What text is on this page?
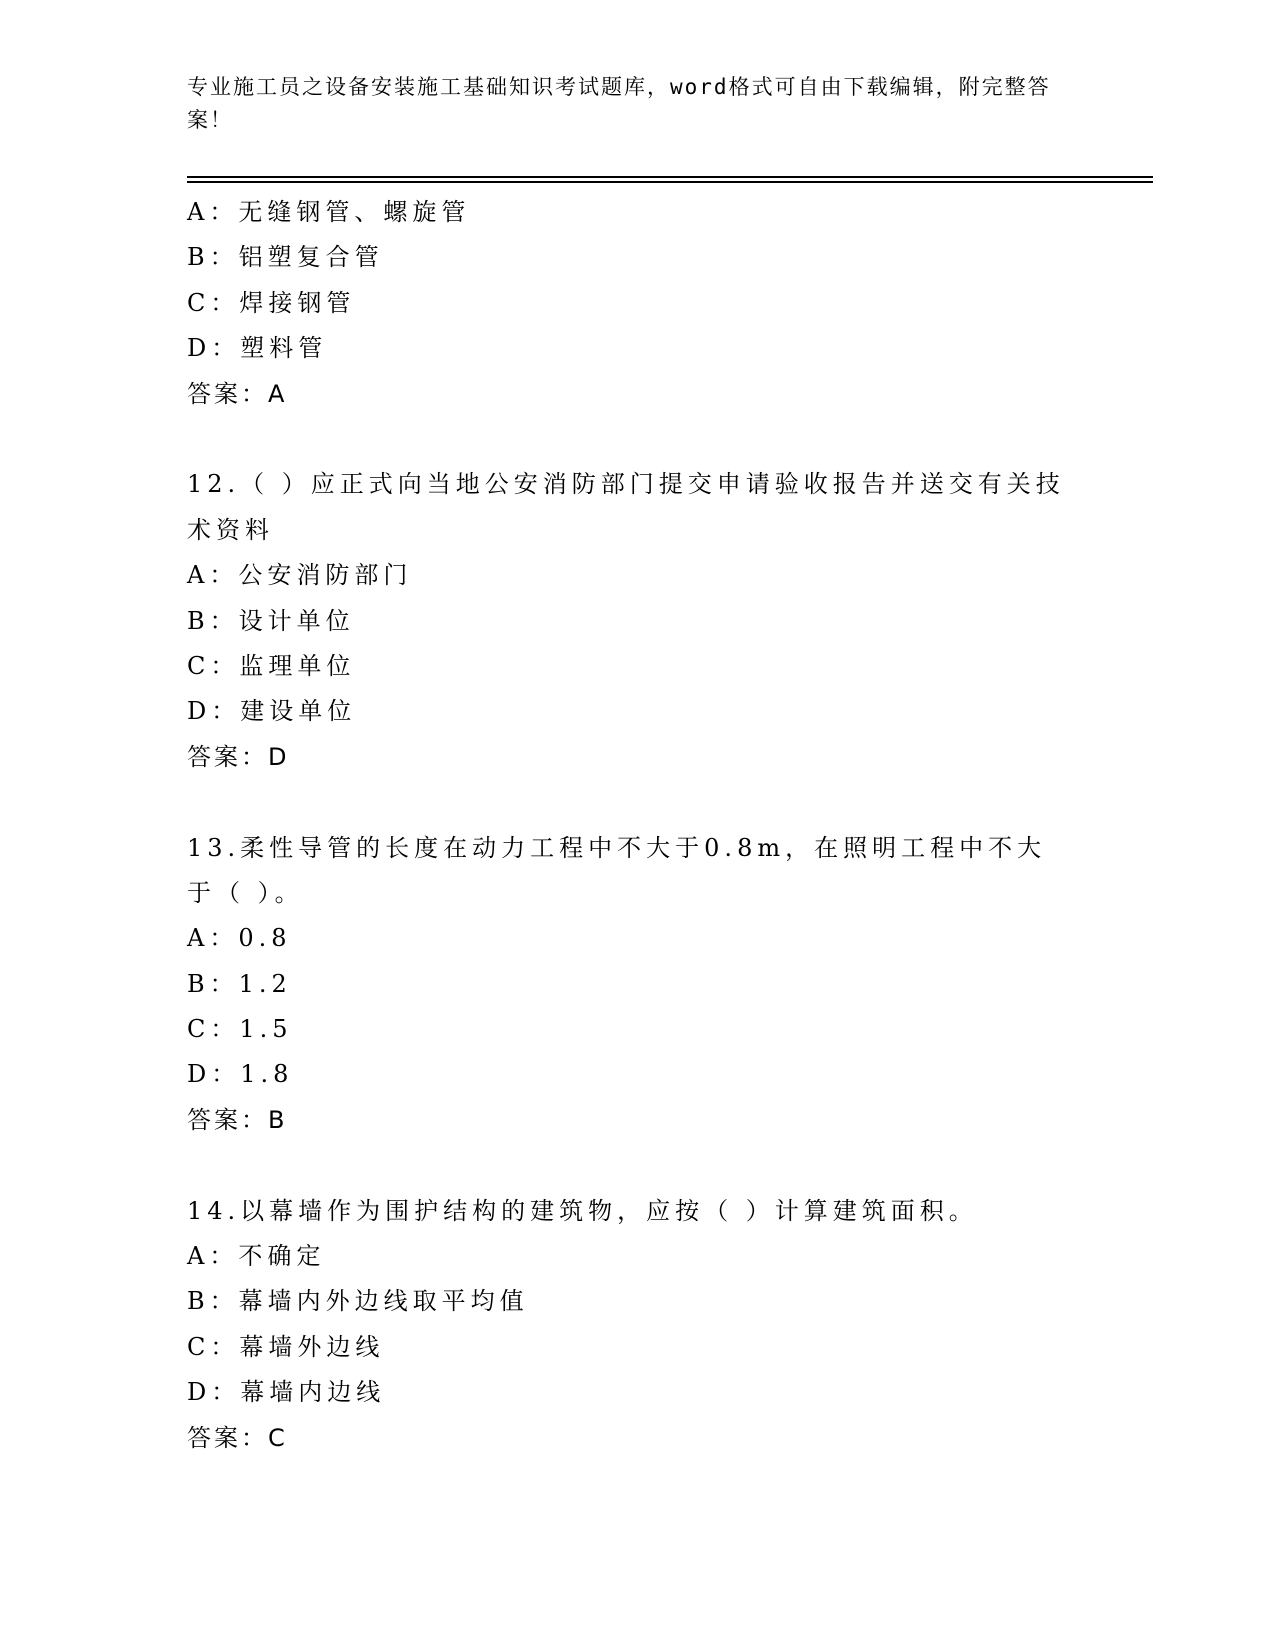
专业施工员之设备安装施工基础知识考试题库，word格式可自由下载编辑，附完整答案！
A：无缝钢管、螺旋管
B：铝塑复合管
C：焊接钢管
D：塑料管
答案：A
12.（ ）应正式向当地公安消防部门提交申请验收报告并送交有关技术资料
A：公安消防部门
B：设计单位
C：监理单位
D：建设单位
答案：D
13.柔性导管的长度在动力工程中不大于0.8m，在照明工程中不大于（ ）。
A：0.8
B：1.2
C：1.5
D：1.8
答案：B
14.以幕墙作为围护结构的建筑物，应按（ ）计算建筑面积。
A：不确定
B：幕墙内外边线取平均值
C：幕墙外边线
D：幕墙内边线
答案：C
